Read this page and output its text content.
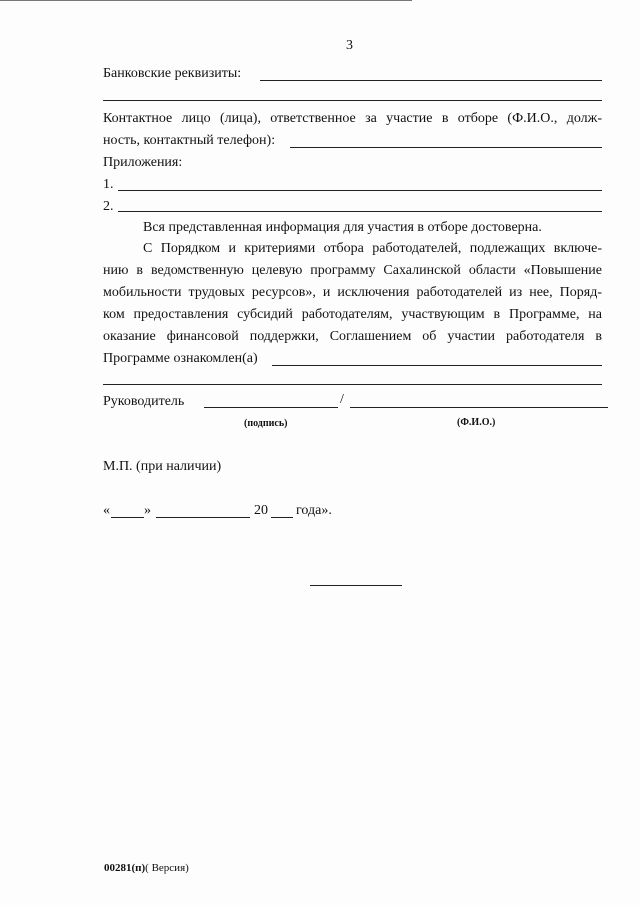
3
Банковские реквизиты:
Контактное лицо (лица), ответственное за участие в отборе (Ф.И.О., долж-
ность, контактный телефон):
Приложения:
1.
2.
Вся представленная информация для участия в отборе достоверна.
С Порядком и критериями отбора работодателей, подлежащих включе-
нию в ведомственную целевую программу Сахалинской области «Повышение
мобильности трудовых ресурсов», и исключения работодателей из нее, Поряд-
ком предоставления субсидий работодателям, участвующим в Программе, на
оказание финансовой поддержки, Соглашением об участии работодателя в
Программе ознакомлен(а)
Руководитель	/
(подпись)	(Ф.И.О.)
М.П. (при наличии)
« »	20 года».
00281(п)( Версия)
